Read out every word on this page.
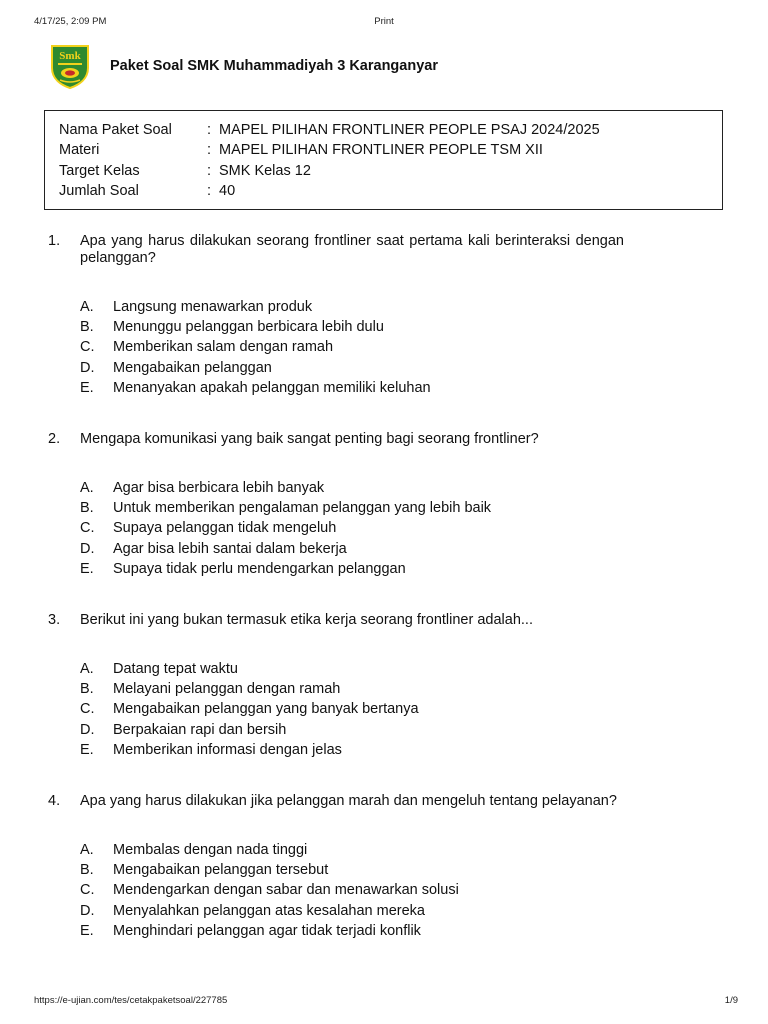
4/17/25, 2:09 PM	Print
Smk
Paket Soal SMK Muhammadiyah 3 Karanganyar
Nama Paket Soal	: MAPEL PILIHAN FRONTLINER PEOPLE PSAJ 2024/2025
Materi	: MAPEL PILIHAN FRONTLINER PEOPLE TSM XII
Target Kelas	: SMK Kelas 12
Jumlah Soal	: 40
1.	Apa yang harus dilakukan seorang frontliner saat pertama kali berinteraksi dengan pelanggan?
A.	Langsung menawarkan produk
B.	Menunggu pelanggan berbicara lebih dulu
C.	Memberikan salam dengan ramah
D.	Mengabaikan pelanggan
E.	Menanyakan apakah pelanggan memiliki keluhan
2.	Mengapa komunikasi yang baik sangat penting bagi seorang frontliner?
A.	Agar bisa berbicara lebih banyak
B.	Untuk memberikan pengalaman pelanggan yang lebih baik
C.	Supaya pelanggan tidak mengeluh
D.	Agar bisa lebih santai dalam bekerja
E.	Supaya tidak perlu mendengarkan pelanggan
3.	Berikut ini yang bukan termasuk etika kerja seorang frontliner adalah...
A.	Datang tepat waktu
B.	Melayani pelanggan dengan ramah
C.	Mengabaikan pelanggan yang banyak bertanya
D.	Berpakaian rapi dan bersih
E.	Memberikan informasi dengan jelas
4.	Apa yang harus dilakukan jika pelanggan marah dan mengeluh tentang pelayanan?
A.	Membalas dengan nada tinggi
B.	Mengabaikan pelanggan tersebut
C.	Mendengarkan dengan sabar dan menawarkan solusi
D.	Menyalahkan pelanggan atas kesalahan mereka
E.	Menghindari pelanggan agar tidak terjadi konflik
https://e-ujian.com/tes/cetakpaketsoal/227785	1/9
